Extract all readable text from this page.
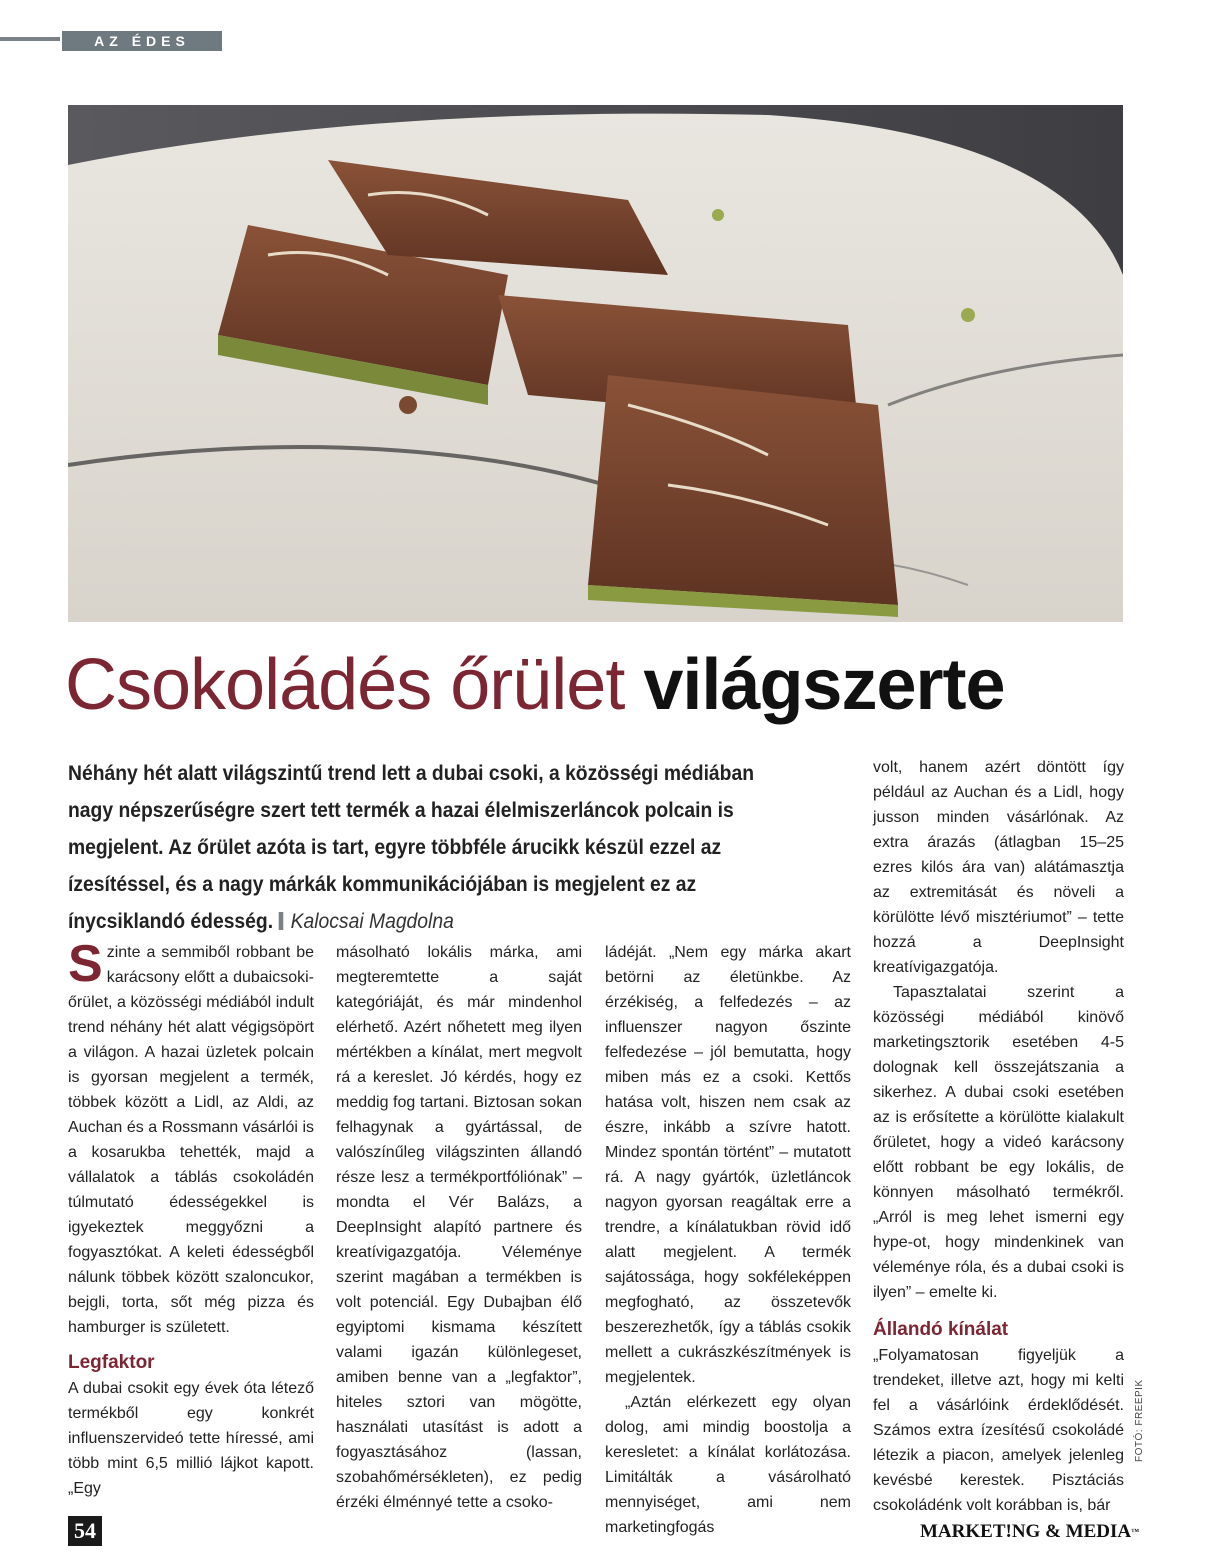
AZ ÉDES ÉLET
Csokoládés őrület világszerte
Néhány hét alatt világszintű trend lett a dubai csoki, a közösségi médiában nagy népszerűségre szert tett termék a hazai élelmiszerláncok polcain is megjelent. Az őrület azóta is tart, egyre többféle árucikk készül ezzel az ízesítéssel, és a nagy márkák kommunikációjában is megjelent ez az ínycsiklandó édesség. Kalocsai Magdolna

Szinte a semmiből robbant be karácsony előtt a dubaicsoki-őrület, a közösségi médiából indult trend néhány hét alatt végigsöpört a világon. A hazai üzletek polcain is gyorsan megjelent a termék, többek között a Lidl, az Aldi, az Auchan és a Rossmann vásárlói is a kosarukba tehették, majd a vállalatok a táblás csokoládén túlmutató édességekkel is igyekeztek meggyőzni a fogyasztókat. A keleti édességből nálunk többek között szaloncukor, bejgli, torta, sőt még pizza és hamburger is született.

Legfaktor

A dubai csokit egy évek óta létező termékből egy konkrét influenszervideó tette híressé, ami több mint 6,5 millió lájkot kapott. „Egy

másolható lokális márka, ami megteremtette a saját kategóriáját, és már mindenhol elérhető. Azért nőhetett meg ilyen mértékben a kínálat, mert megvolt rá a kereslet. Jó kérdés, hogy ez meddig fog tartani. Biztosan sokan felhagynak a gyártással, de valószínűleg világszinten állandó része lesz a termékportfóliónak” – mondta el Vér Balázs, a DeepInsight alapító partnere és kreatívigazgatója. Véleménye szerint magában a termékben is volt potenciál. Egy Dubajban élő egyiptomi kismama készített valami igazán különlegeset, amiben benne van a „legfaktor”, hiteles sztori van mögötte, használati utasítást is adott a fogyasztásához (lassan, szobahőmérsékleten), ez pedig érzéki élménnyé tette a csoko-

ládéját. „Nem egy márka akart betörni az életünkbe. Az érzékiség, a felfedezés – az influenszer nagyon őszinte felfedezése – jól bemutatta, hogy miben más ez a csoki. Kettős hatása volt, hiszen nem csak az észre, inkább a szívre hatott. Mindez spontán történt” – mutatott rá. A nagy gyártók, üzletláncok nagyon gyorsan reagáltak erre a trendre, a kínálatukban rövid idő alatt megjelent. A termék sajátossága, hogy sokféleképpen megfogható, az összetevők beszerezhetők, így a táblás csokik mellett a cukrászkészítmények is megjelentek.

„Aztán elérkezett egy olyan dolog, ami mindig boostolja a keresletet: a kínálat korlátozása. Limitálták a vásárolható mennyiséget, ami nem marketingfogás

volt, hanem azért döntött így például az Auchan és a Lidl, hogy jusson minden vásárlónak. Az extra árazás (átlagban 15–25 ezres kilós ára van) alátámasztja az extremitását és növeli a körülötte lévő misztériumot” – tette hozzá a DeepInsight kreatívigazgatója.

Tapasztalatai szerint a közösségi médiából kinövő marketingsztorik esetében 4-5 dolognak kell összejátszania a sikerhez. A dubai csoki esetében az is erősítette a körülötte kialakult őrületet, hogy a videó karácsony előtt robbant be egy lokális, de könnyen másolható termékről. „Arról is meg lehet ismerni egy hype-ot, hogy mindenkinek van véleménye róla, és a dubai csoki is ilyen” – emelte ki.

Állandó kínálat

„Folyamatosan figyeljük a trendeket, illetve azt, hogy mi kelti fel a vásárlóink érdeklődését. Számos extra ízesítésű csokoládé létezik a piacon, amelyek jelenleg kevésbé kerestek. Pisztáciás csokoládénk volt korábban is, bár

FOTÓ: FREEPIK
54	MARKET!NG & MEDIA™
